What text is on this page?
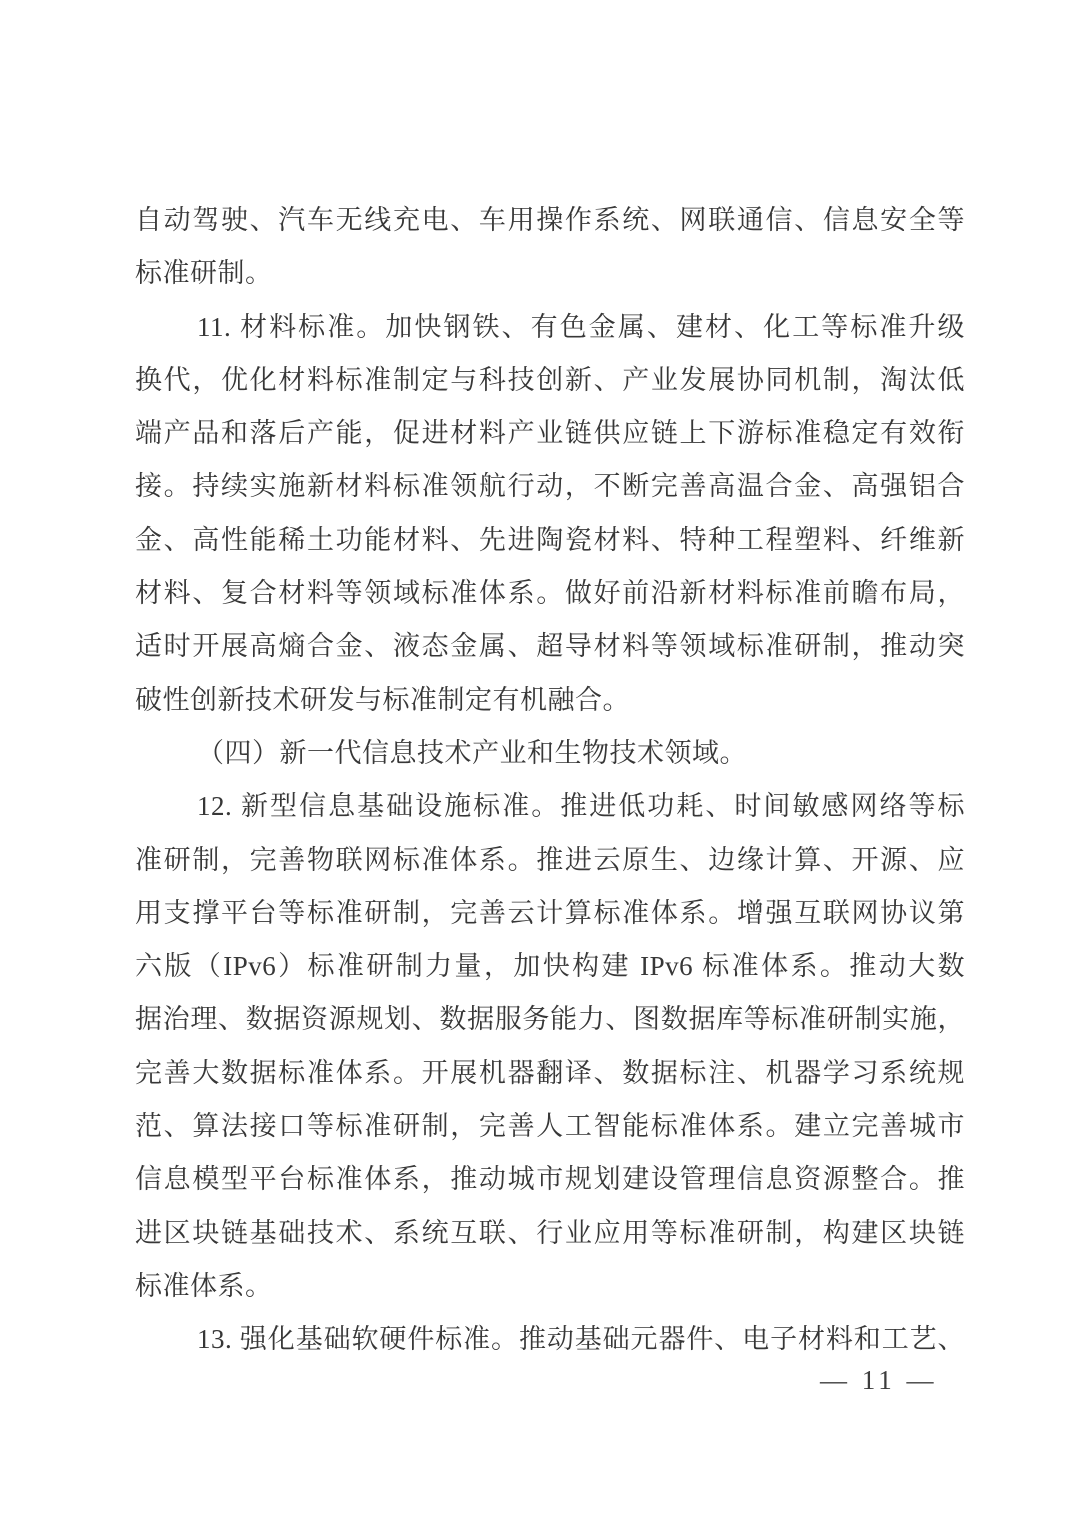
自动驾驶、汽车无线充电、车用操作系统、网联通信、信息安全等
标准研制。
11. 材料标准。加快钢铁、有色金属、建材、化工等标准升级
换代，优化材料标准制定与科技创新、产业发展协同机制，淘汰低
端产品和落后产能，促进材料产业链供应链上下游标准稳定有效衔
接。持续实施新材料标准领航行动，不断完善高温合金、高强铝合
金、高性能稀土功能材料、先进陶瓷材料、特种工程塑料、纤维新
材料、复合材料等领域标准体系。做好前沿新材料标准前瞻布局，
适时开展高熵合金、液态金属、超导材料等领域标准研制，推动突
破性创新技术研发与标准制定有机融合。
（四）新一代信息技术产业和生物技术领域。
12. 新型信息基础设施标准。推进低功耗、时间敏感网络等标
准研制，完善物联网标准体系。推进云原生、边缘计算、开源、应
用支撑平台等标准研制，完善云计算标准体系。增强互联网协议第
六版（IPv6）标准研制力量，加快构建 IPv6 标准体系。推动大数
据治理、数据资源规划、数据服务能力、图数据库等标准研制实施，
完善大数据标准体系。开展机器翻译、数据标注、机器学习系统规
范、算法接口等标准研制，完善人工智能标准体系。建立完善城市
信息模型平台标准体系，推动城市规划建设管理信息资源整合。推
进区块链基础技术、系统互联、行业应用等标准研制，构建区块链
标准体系。
13. 强化基础软硬件标准。推动基础元器件、电子材料和工艺、
— 11 —
